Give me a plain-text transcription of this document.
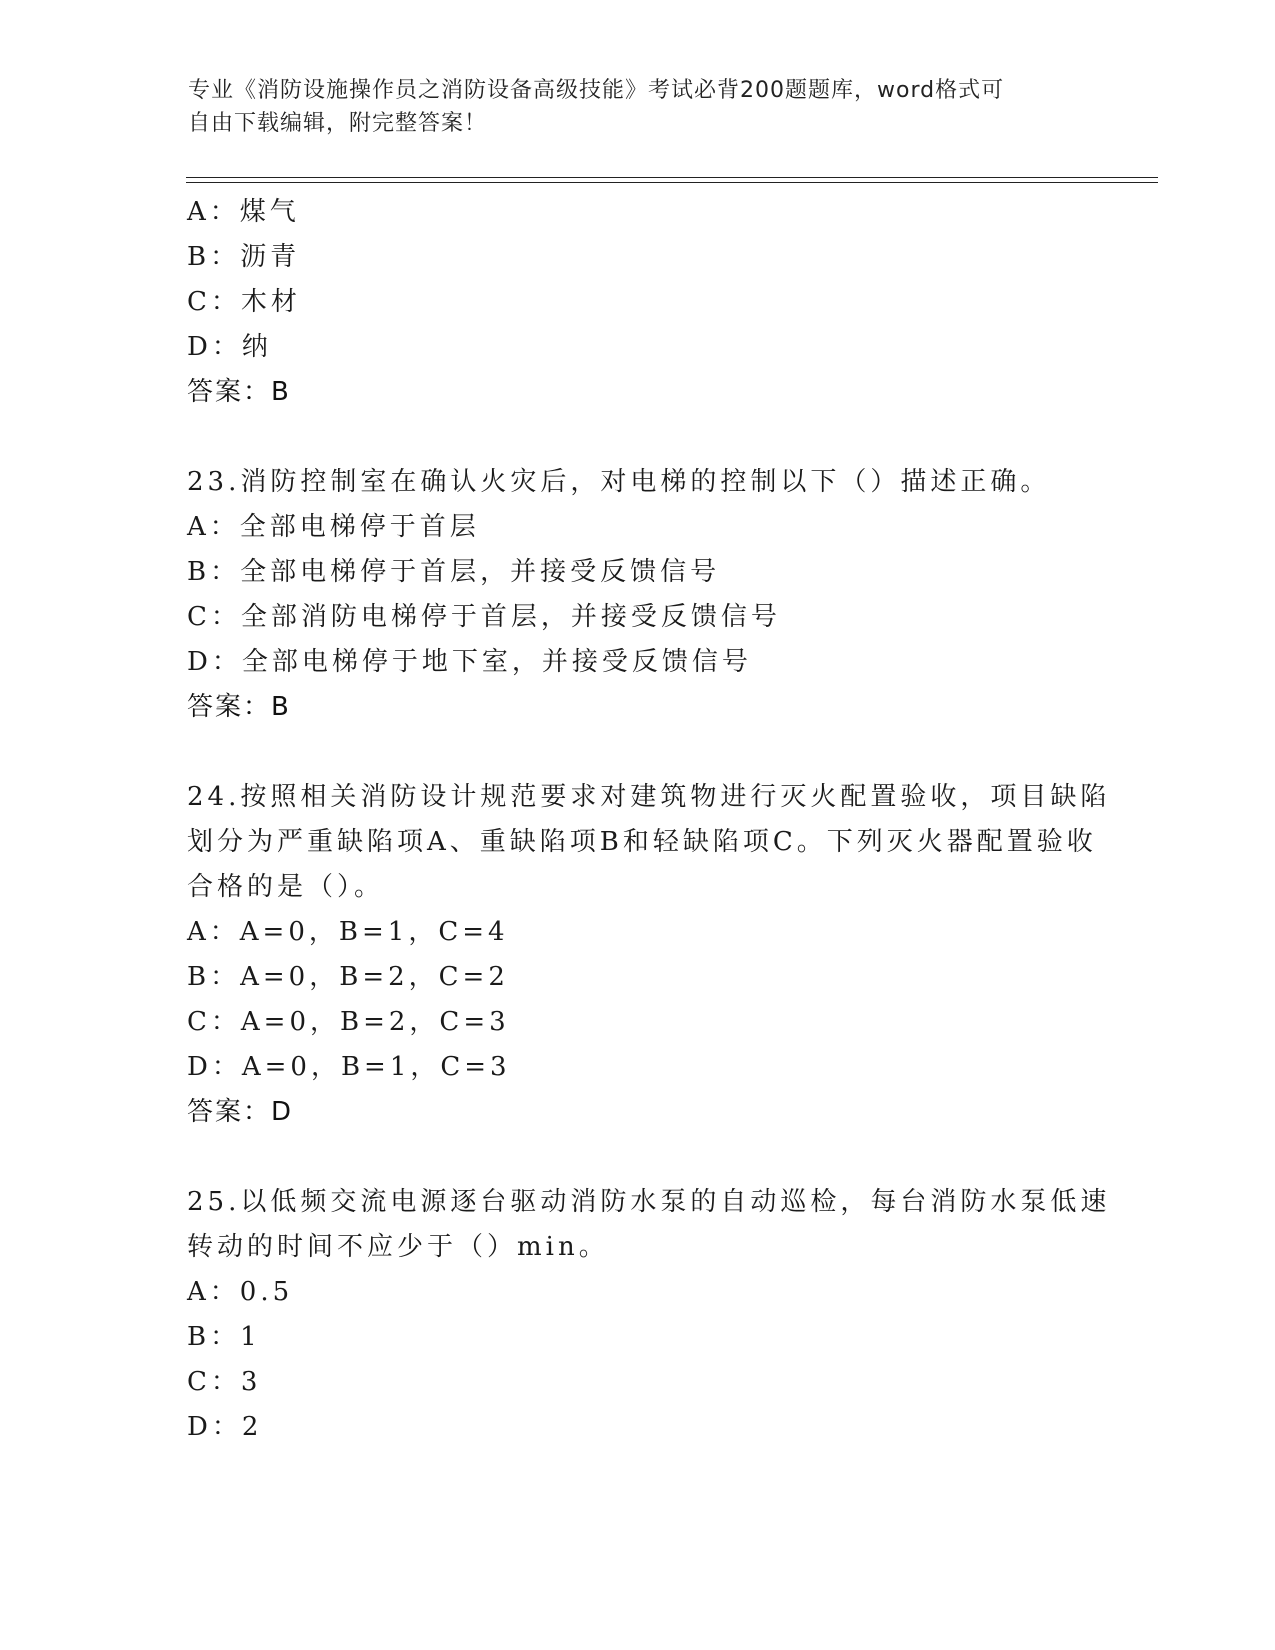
专业《消防设施操作员之消防设备高级技能》考试必背200题题库，word格式可
自由下载编辑，附完整答案！
A：煤气
B：沥青
C：木材
D：纳
答案：B
23.消防控制室在确认火灾后，对电梯的控制以下（）描述正确。
A：全部电梯停于首层
B：全部电梯停于首层，并接受反馈信号
C：全部消防电梯停于首层，并接受反馈信号
D：全部电梯停于地下室，并接受反馈信号
答案：B
24.按照相关消防设计规范要求对建筑物进行灭火配置验收，项目缺陷
划分为严重缺陷项A、重缺陷项B和轻缺陷项C。下列灭火器配置验收
合格的是（）。
A：A=0，B=1，C=4
B：A=0，B=2，C=2
C：A=0，B=2，C=3
D：A=0，B=1，C=3
答案：D
25.以低频交流电源逐台驱动消防水泵的自动巡检，每台消防水泵低速
转动的时间不应少于（）min。
A：0.5
B：1
C：3
D：2
